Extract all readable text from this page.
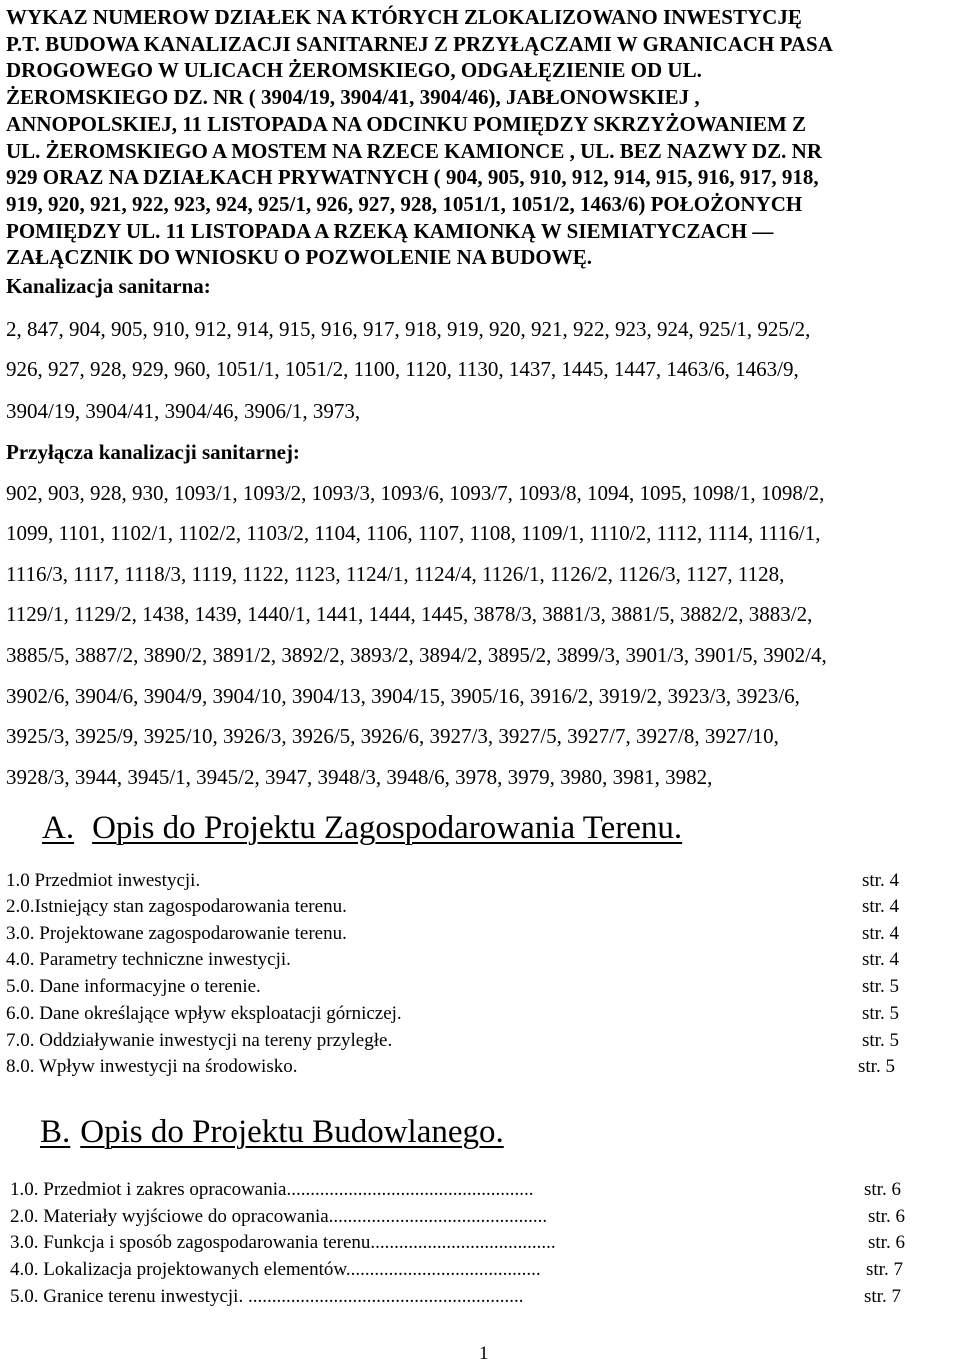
WYKAZ NUMEROW DZIAŁEK NA KTÓRYCH ZLOKALIZOWANO INWESTYCJĘ
P.T. BUDOWA KANALIZACJI SANITARNEJ Z PRZYŁĄCZAMI W GRANICACH PASA
DROGOWEGO W ULICACH ŻEROMSKIEGO, ODGAŁĘZIENIE OD UL.
ŻEROMSKIEGO DZ. NR ( 3904/19, 3904/41, 3904/46), JABŁONOWSKIEJ ,
ANNOPOLSKIEJ, 11 LISTOPADA NA ODCINKU POMIĘDZY SKRZYŻOWANIEM Z
UL. ŻEROMSKIEGO A MOSTEM NA RZECE KAMIONCE , UL. BEZ NAZWY DZ. NR
929 ORAZ NA DZIAŁKACH PRYWATNYCH ( 904, 905, 910, 912, 914, 915, 916, 917, 918,
919, 920, 921, 922, 923, 924, 925/1, 926, 927, 928, 1051/1, 1051/2, 1463/6) POŁOŻONYCH
POMIĘDZY UL. 11 LISTOPADA A RZEKĄ KAMIONKĄ W SIEMIATYCZACH —
ZAŁĄCZNIK DO WNIOSKU O POZWOLENIE NA BUDOWĘ.
Kanalizacja sanitarna:
2, 847, 904, 905, 910, 912, 914, 915, 916, 917, 918, 919, 920, 921, 922, 923, 924, 925/1, 925/2,
926, 927, 928, 929, 960, 1051/1, 1051/2, 1100, 1120, 1130, 1437, 1445, 1447, 1463/6, 1463/9,
3904/19, 3904/41, 3904/46, 3906/1, 3973,
Przyłącza kanalizacji sanitarnej:
902, 903, 928, 930, 1093/1, 1093/2, 1093/3, 1093/6, 1093/7, 1093/8, 1094, 1095, 1098/1, 1098/2,
1099, 1101, 1102/1, 1102/2, 1103/2, 1104, 1106, 1107, 1108, 1109/1, 1110/2, 1112, 1114, 1116/1,
1116/3, 1117, 1118/3, 1119, 1122, 1123, 1124/1, 1124/4, 1126/1, 1126/2, 1126/3, 1127, 1128,
1129/1, 1129/2, 1438, 1439, 1440/1, 1441, 1444, 1445, 3878/3, 3881/3, 3881/5, 3882/2, 3883/2,
3885/5, 3887/2, 3890/2, 3891/2, 3892/2, 3893/2, 3894/2, 3895/2, 3899/3, 3901/3, 3901/5, 3902/4,
3902/6, 3904/6, 3904/9, 3904/10, 3904/13, 3904/15, 3905/16, 3916/2, 3919/2, 3923/3, 3923/6,
3925/3, 3925/9, 3925/10, 3926/3, 3926/5, 3926/6, 3927/3, 3927/5, 3927/7, 3927/8, 3927/10,
3928/3, 3944, 3945/1, 3945/2, 3947, 3948/3, 3948/6, 3978, 3979, 3980, 3981, 3982,
A. Opis do Projektu Zagospodarowania Terenu.
1.0 Przedmiot inwestycji.	str. 4
2.0.Istniejący stan zagospodarowania terenu.	str. 4
3.0. Projektowane zagospodarowanie terenu.	str. 4
4.0. Parametry techniczne inwestycji.	str. 4
5.0. Dane informacyjne o terenie.	str. 5
6.0. Dane określające wpływ eksploatacji górniczej.	str. 5
7.0. Oddziaływanie inwestycji na tereny przyległe.	str. 5
8.0. Wpływ inwestycji na środowisko.	str. 5
B. Opis do Projektu Budowlanego.
1.0. Przedmiot i zakres opracowania....................................................	str. 6
2.0. Materiały wyjściowe do opracowania..............................................	str. 6
3.0. Funkcja i sposób zagospodarowania terenu.......................................	str. 6
4.0. Lokalizacja projektowanych elementów.........................................	str. 7
5.0. Granice terenu inwestycji. ..........................................................	str. 7
1
